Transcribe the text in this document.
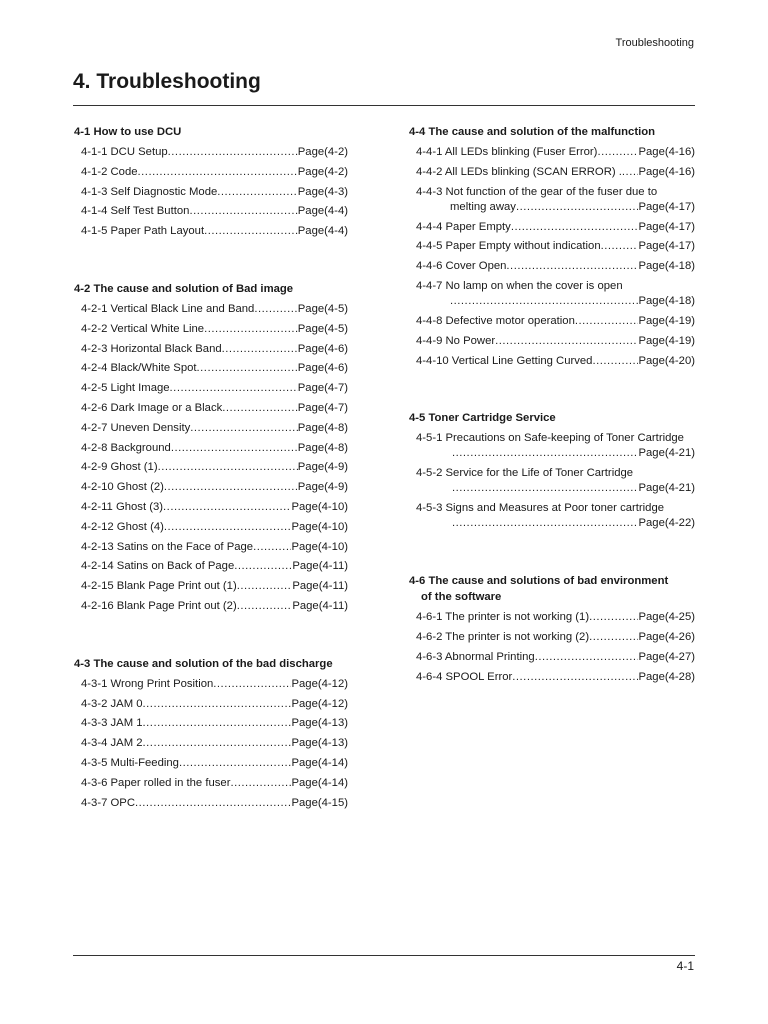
Troubleshooting
4. Troubleshooting

4-1 How to use DCU

4-1-1 DCU Setup .....	Page(4-2)
4-1-2 Code .....	Page(4-2)
4-1-3 Self Diagnostic Mode .....	Page(4-3)
4-1-4 Self Test Button .....	Page(4-4)
4-1-5 Paper Path Layout .....	Page(4-4)

4-2 The cause and solution of Bad image

4-2-1 Vertical Black Line and Band .....	Page(4-5)
4-2-2 Vertical White Line .....	Page(4-5)
4-2-3 Horizontal Black Band .....	Page(4-6)
4-2-4 Black/White Spot .....	Page(4-6)
4-2-5 Light Image .....	Page(4-7)
4-2-6 Dark Image or a Black .....	Page(4-7)
4-2-7 Uneven Density .....	Page(4-8)
4-2-8 Background .....	Page(4-8)
4-2-9 Ghost (1) .....	Page(4-9)
4-2-10 Ghost (2) .....	Page(4-9)
4-2-11 Ghost (3) .....	Page(4-10)
4-2-12 Ghost (4) .....	Page(4-10)
4-2-13 Satins on the Face of Page .....	Page(4-10)
4-2-14 Satins on Back of Page .....	Page(4-11)
4-2-15 Blank Page Print out (1) .....	Page(4-11)
4-2-16 Blank Page Print out (2) .....	Page(4-11)

4-3 The cause and solution of the bad discharge

4-3-1 Wrong Print Position .....	Page(4-12)
4-3-2 JAM 0 .....	Page(4-12)
4-3-3 JAM 1 .....	Page(4-13)
4-3-4 JAM 2 .....	Page(4-13)
4-3-5 Multi-Feeding .....	Page(4-14)
4-3-6 Paper rolled in the fuser .....	Page(4-14)
4-3-7 OPC .....	Page(4-15)

4-4 The cause and solution of the malfunction

4-4-1 All LEDs blinking (Fuser Error) .....	Page(4-16)
4-4-2 All LEDs blinking (SCAN ERROR) . ..... Page(4-16)
4-4-3 Not function of the gear of the fuser due to
melting away .....	Page(4-17)
4-4-4 Paper Empty .....	Page(4-17)
4-4-5 Paper Empty without indication .....	Page(4-17)
4-4-6 Cover Open .....	Page(4-18)
4-4-7 No lamp on when the cover is open
.....
Page(4-18)
4-4-8 Defective motor operation .....	Page(4-19)
4-4-9 No Power .....	Page(4-19)
4-4-10 Vertical Line Getting Curved .....	Page(4-20)

4-5 Toner Cartridge Service

4-5-1 Precautions on Safe-keeping of Toner Cartridge
.....
Page(4-21)
4-5-2 Service for the Life of Toner Cartridge
.....
Page(4-21)
4-5-3 Signs and Measures at Poor toner cartridge
.....
Page(4-22)

4-6 The cause and solutions of bad environment

of the software

4-6-1 The printer is not working (1) .....	Page(4-25)
4-6-2 The printer is not working (2) .....	Page(4-26)
4-6-3 Abnormal Printing .....	Page(4-27)
4-6-4 SPOOL Error .....	Page(4-28)
4-1
